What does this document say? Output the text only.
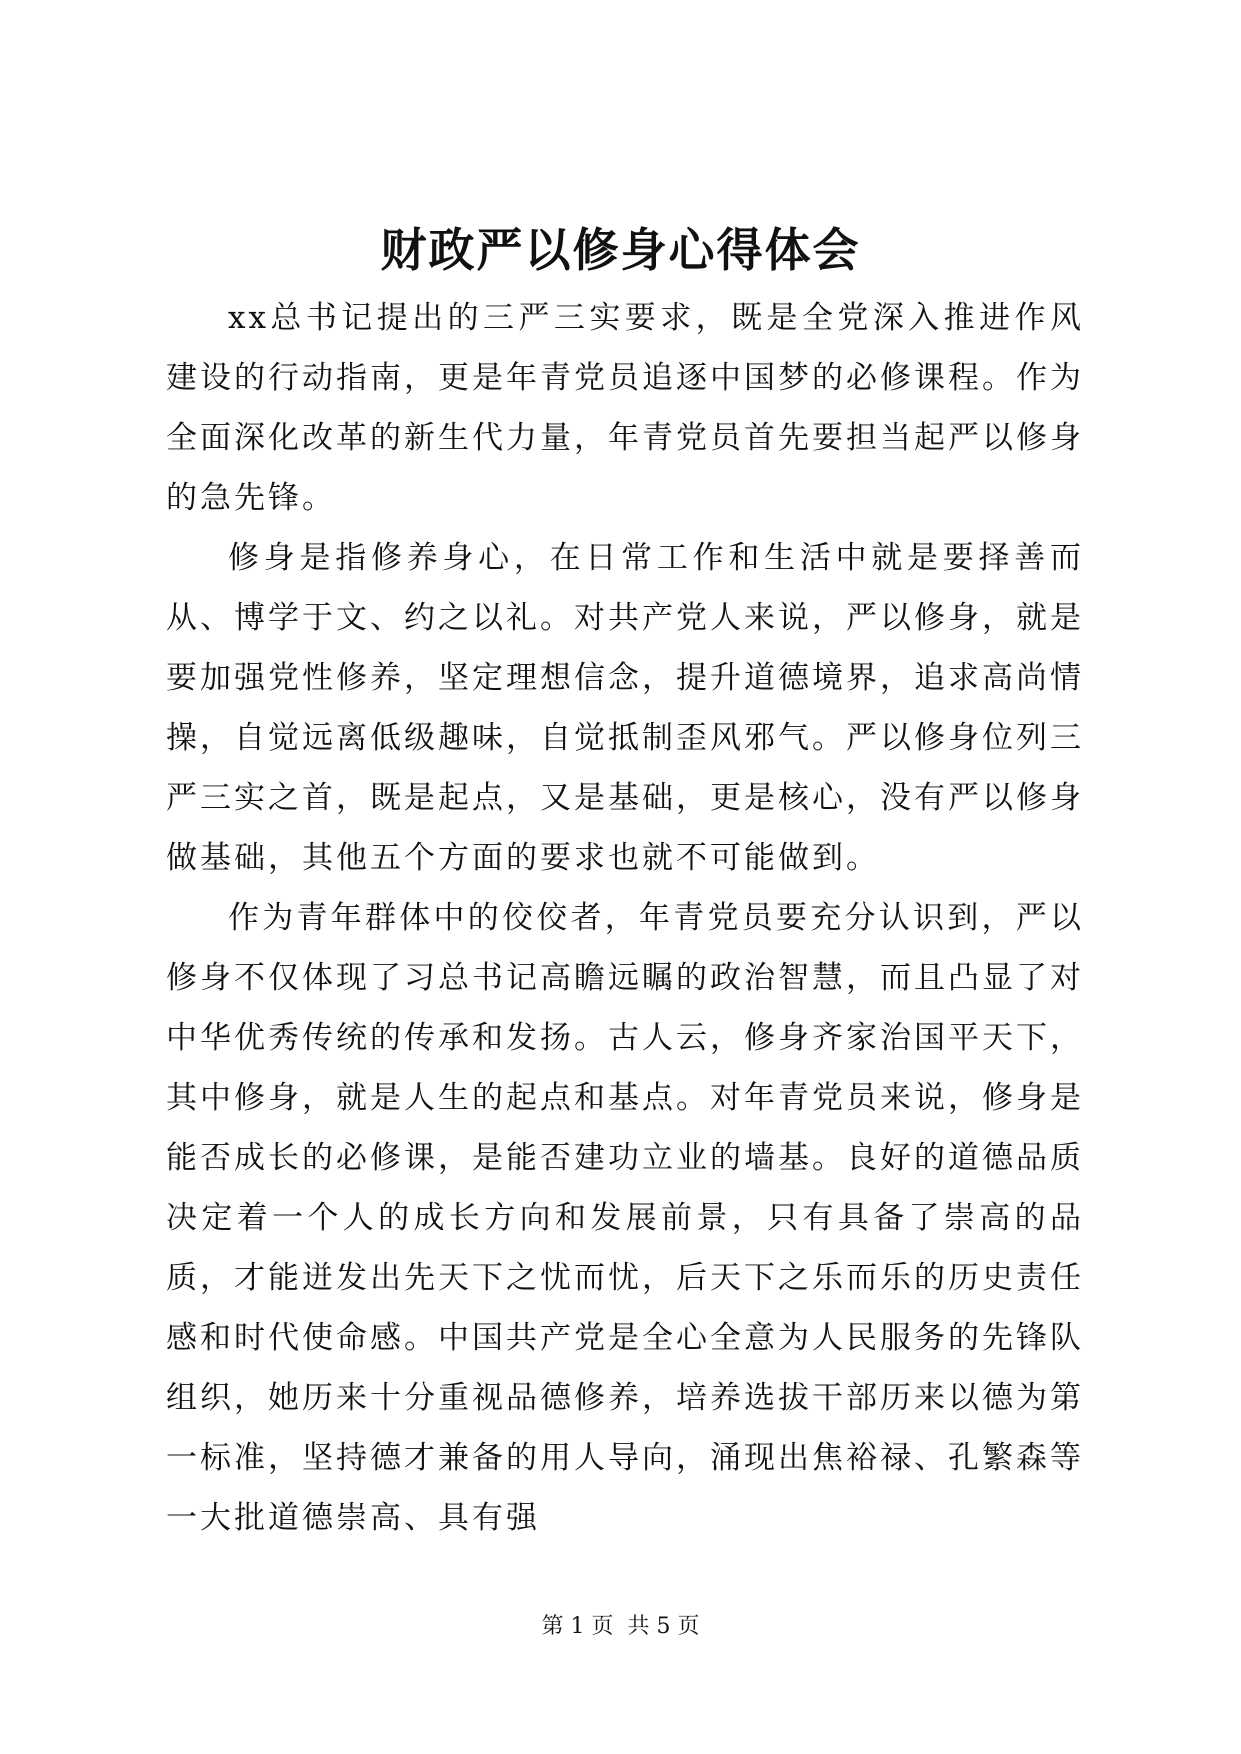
财政严以修身心得体会

xx总书记提出的三严三实要求，既是全党深入推进作风建设的行动指南，更是年青党员追逐中国梦的必修课程。作为全面深化改革的新生代力量，年青党员首先要担当起严以修身的急先锋。

修身是指修养身心，在日常工作和生活中就是要择善而从、博学于文、约之以礼。对共产党人来说，严以修身，就是要加强党性修养，坚定理想信念，提升道德境界，追求高尚情操，自觉远离低级趣味，自觉抵制歪风邪气。严以修身位列三严三实之首，既是起点，又是基础，更是核心，没有严以修身做基础，其他五个方面的要求也就不可能做到。

作为青年群体中的佼佼者，年青党员要充分认识到，严以修身不仅体现了习总书记高瞻远瞩的政治智慧，而且凸显了对中华优秀传统的传承和发扬。古人云，修身齐家治国平天下，其中修身，就是人生的起点和基点。对年青党员来说，修身是能否成长的必修课，是能否建功立业的墙基。良好的道德品质决定着一个人的成长方向和发展前景，只有具备了崇高的品质，才能迸发出先天下之忧而忧，后天下之乐而乐的历史责任感和时代使命感。中国共产党是全心全意为人民服务的先锋队组织，她历来十分重视品德修养，培养选拔干部历来以德为第一标准，坚持德才兼备的用人导向，涌现出焦裕禄、孔繁森等一大批道德崇高、具有强

第 1 页  共 5 页
